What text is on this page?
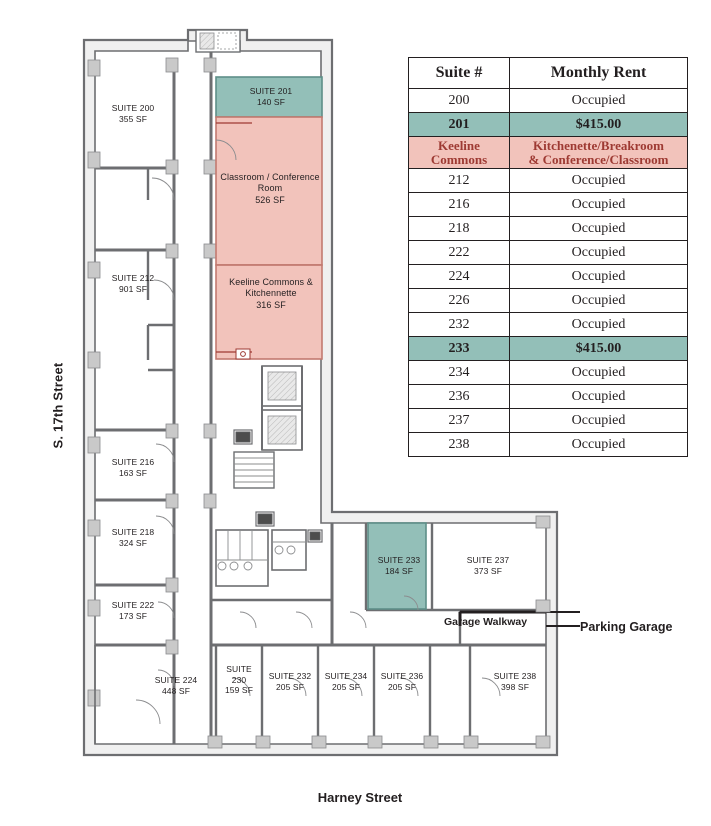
SUITE 200
355 SF
SUITE 201
140 SF
Classroom / Conference Room
526 SF
Keeline Commons & Kitchennette
316 SF
SUITE 212
901 SF
SUITE 216
163 SF
SUITE 218
324 SF
SUITE 222
173 SF
SUITE 224
448 SF
SUITE 230
159 SF
SUITE 232
205 SF
SUITE 234
205 SF
SUITE 236
205 SF
SUITE 238
398 SF
SUITE 233
184 SF
SUITE 237
373 SF
S. 17th Street
Harney Street
Parking Garage
Garage Walkway
Suite #	Monthly Rent
200	Occupied
201	$415.00
Keeline
Commons	Kitchenette/Breakroom
& Conference/Classroom
212	Occupied
216	Occupied
218	Occupied
222	Occupied
224	Occupied
226	Occupied
232	Occupied
233	$415.00
234	Occupied
236	Occupied
237	Occupied
238	Occupied
